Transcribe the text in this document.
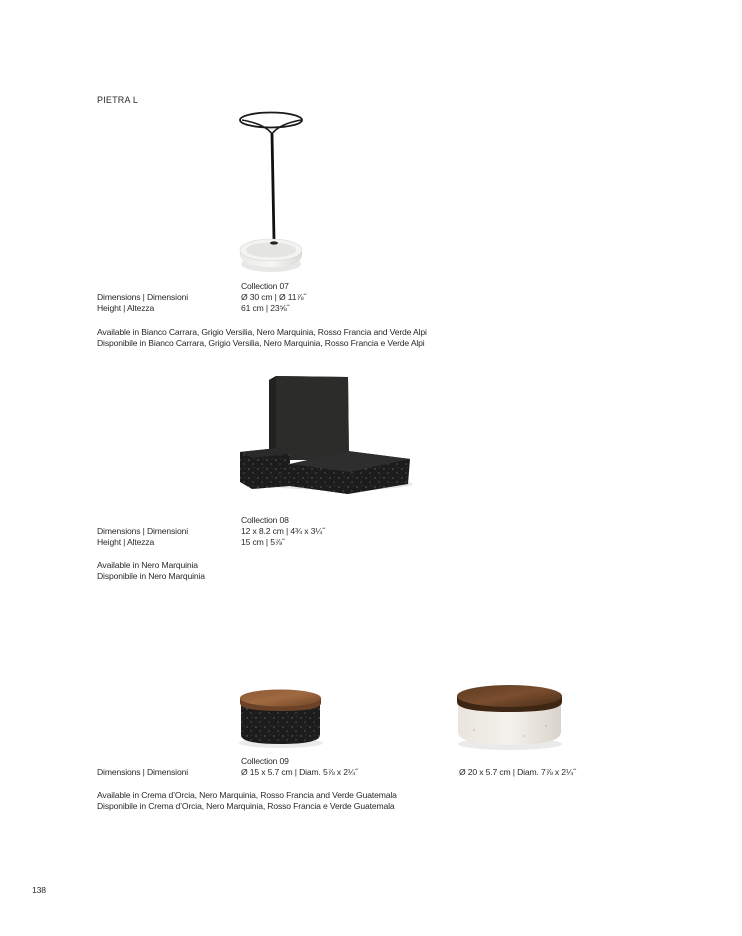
PIETRA L
Collection 07
Dimensions | Dimensioni	Ø 30 cm | Ø 11⅞˝
Height | Altezza	61 cm | 23⅝˝
Available in Bianco Carrara, Grigio Versilia, Nero Marquinia, Rosso Francia and Verde Alpi
Disponibile in Bianco Carrara, Grigio Versilia, Nero Marquinia, Rosso Francia e Verde Alpi
Collection 08
Dimensions | Dimensioni	12 x 8.2 cm | 4¾ x 3¼˝
Height | Altezza	15 cm | 5⅞˝
Available in Nero Marquinia
Disponibile in Nero Marquinia
Collection 09
Dimensions | Dimensioni	Ø 15 x 5.7 cm | Diam. 5⅞ x 2¼˝	Ø 20 x 5.7 cm | Diam. 7⅞ x 2¼˝
Available in Crema d’Orcia, Nero Marquinia, Rosso Francia and Verde Guatemala
Disponibile in Crema d’Orcia, Nero Marquinia, Rosso Francia e Verde Guatemala
138
